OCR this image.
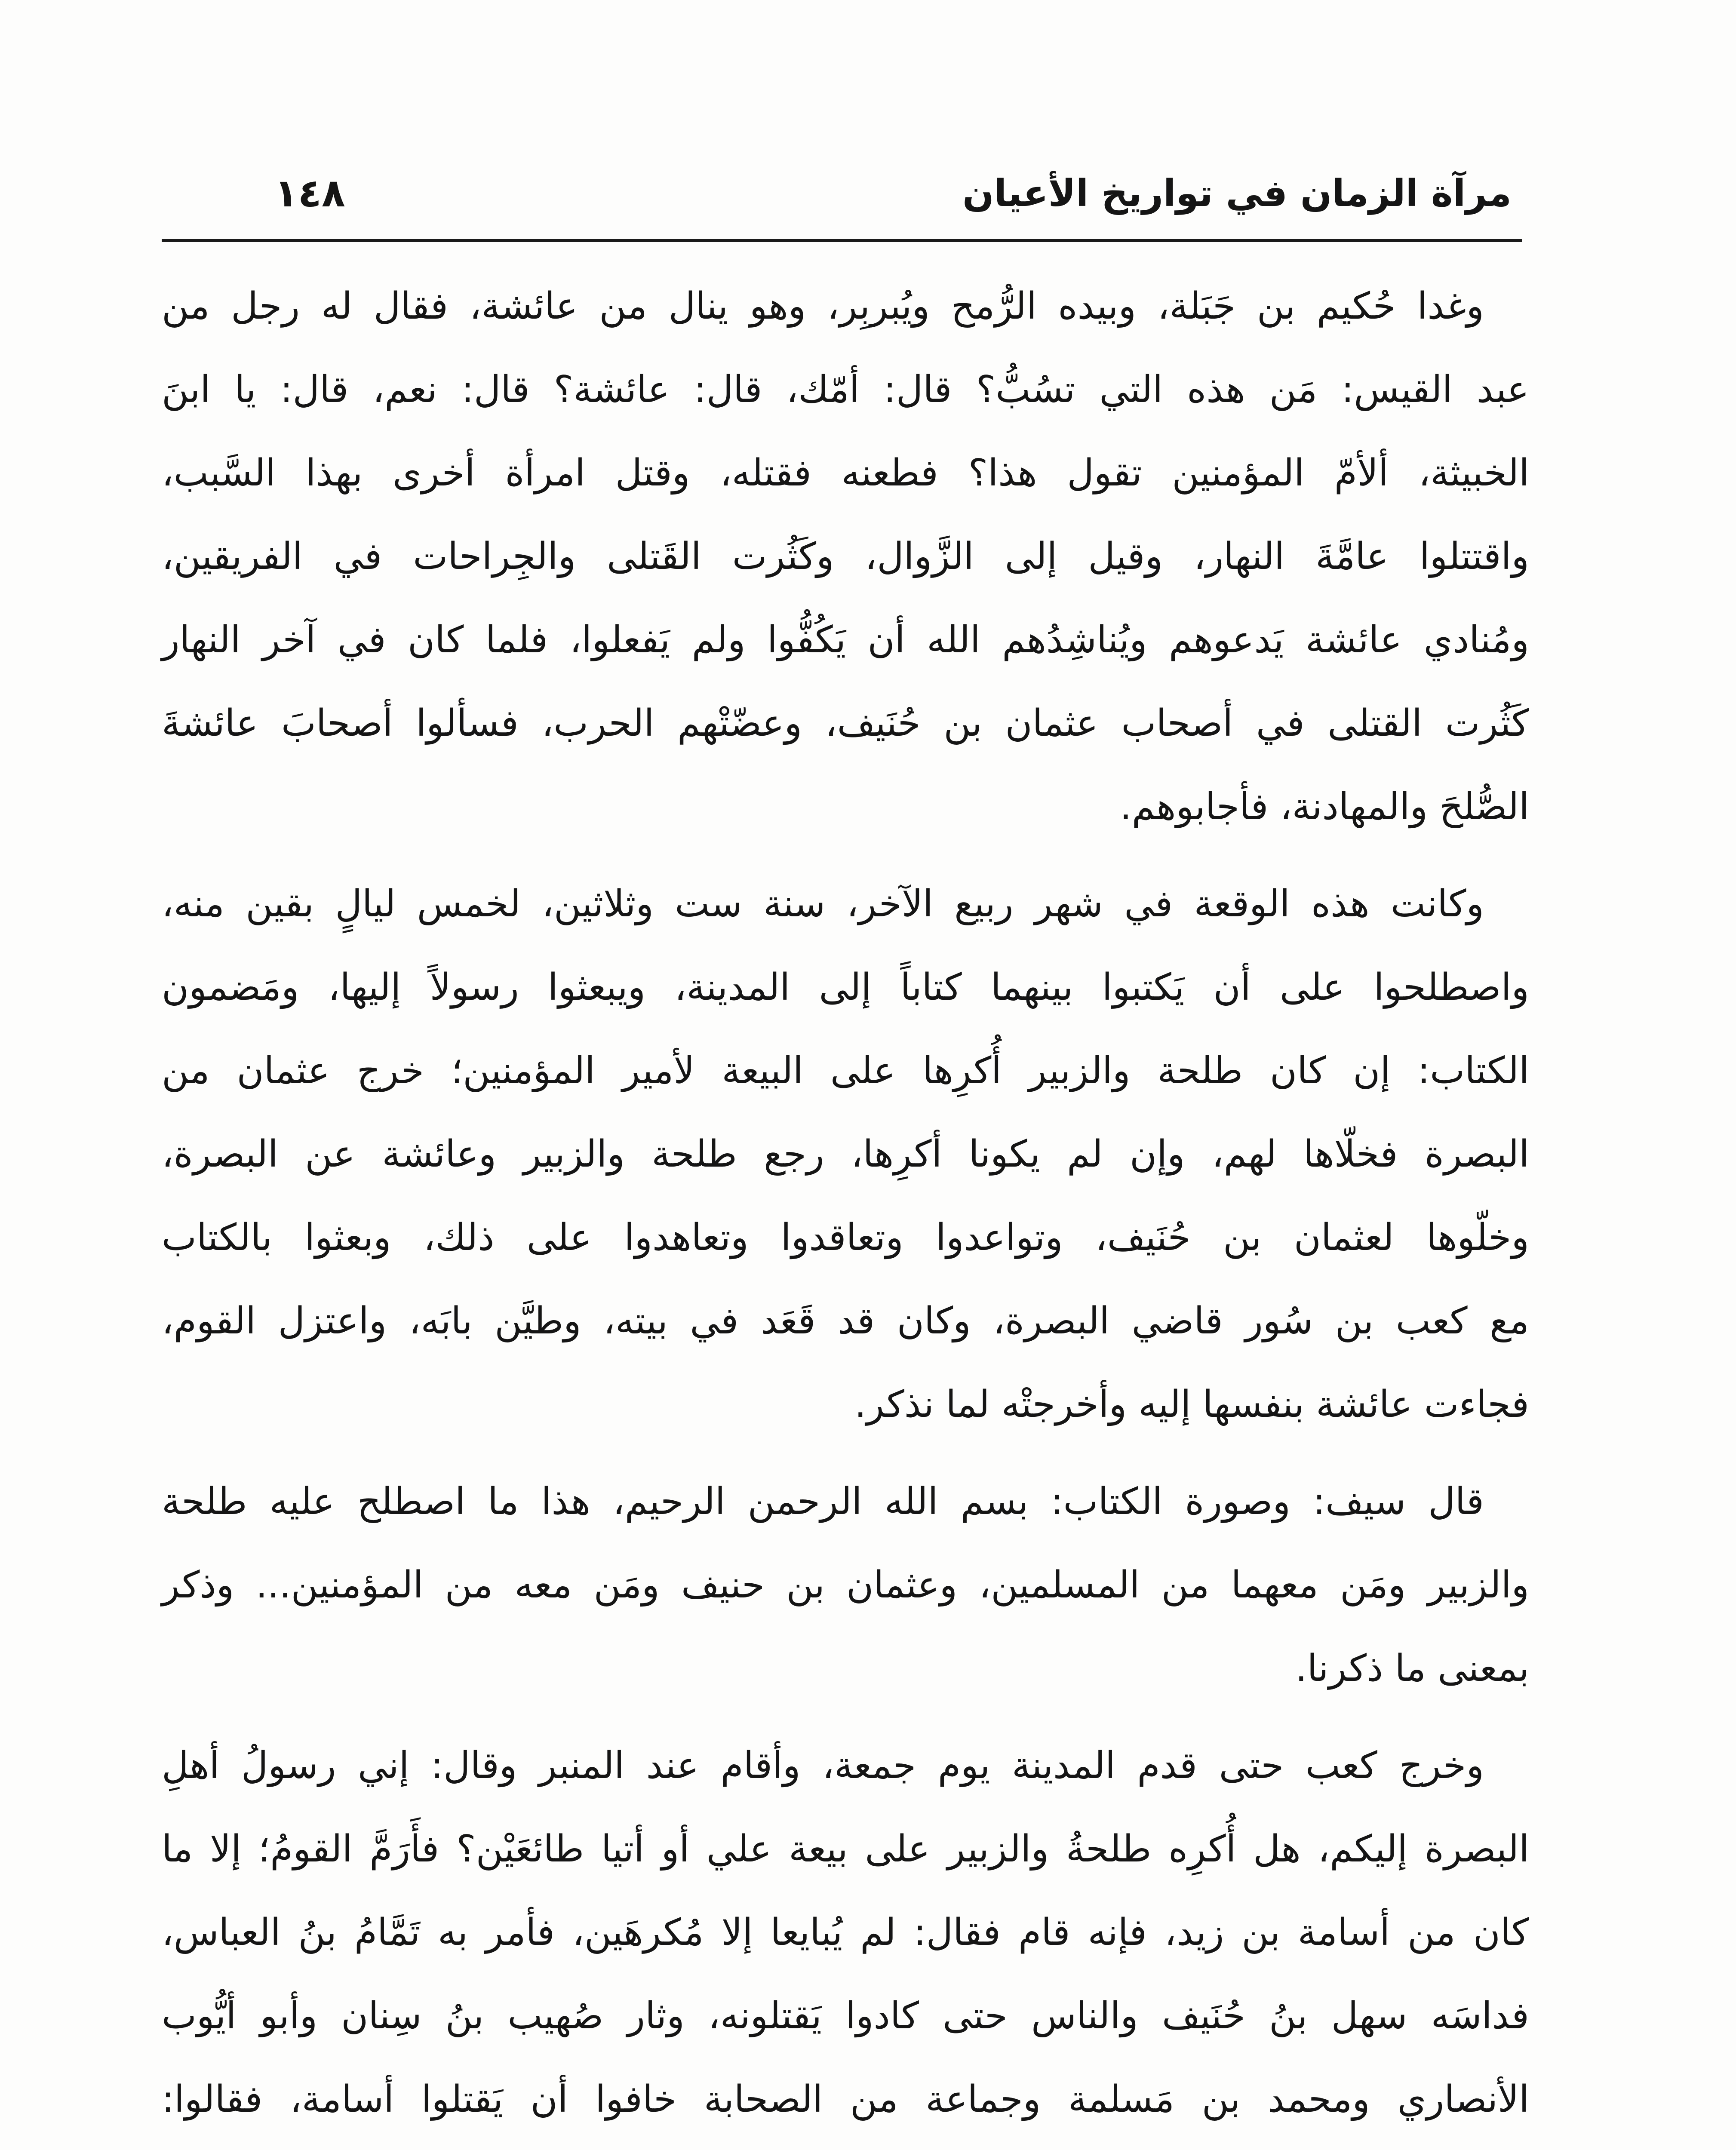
١٤٨	مرآة الزمان في تواريخ الأعيان
وغدا حُكيم بن جَبَلة، وبيده الرُّمح ويُبربِر، وهو ينال من عائشة، فقال له رجل من
عبد القيس: مَن هذه التي تسُبُّ؟ قال: أمّك، قال: عائشة؟ قال: نعم، قال: يا ابنَ
الخبيثة، ألأمّ المؤمنين تقول هذا؟ فطعنه فقتله، وقتل امرأة أخرى بهذا السَّبب،
واقتتلوا عامَّةَ النهار، وقيل إلى الزَّوال، وكَثُرت القَتلى والجِراحات في الفريقين،
ومُنادي عائشة يَدعوهم ويُناشِدُهم الله أن يَكُفُّوا ولم يَفعلوا، فلما كان في آخر النهار
كَثُرت القتلى في أصحاب عثمان بن حُنَيف، وعضّتْهم الحرب، فسألوا أصحابَ عائشةَ
الصُّلحَ والمهادنة، فأجابوهم.
وكانت هذه الوقعة في شهر ربيع الآخر، سنة ست وثلاثين، لخمس ليالٍ بقين منه،
واصطلحوا على أن يَكتبوا بينهما كتاباً إلى المدينة، ويبعثوا رسولاً إليها، ومَضمون
الكتاب: إن كان طلحة والزبير أُكرِها على البيعة لأمير المؤمنين؛ خرج عثمان من
البصرة فخلّاها لهم، وإن لم يكونا أكرِها، رجع طلحة والزبير وعائشة عن البصرة،
وخلّوها لعثمان بن حُنَيف، وتواعدوا وتعاقدوا وتعاهدوا على ذلك، وبعثوا بالكتاب
مع كعب بن سُور قاضي البصرة، وكان قد قَعَد في بيته، وطيَّن بابَه، واعتزل القوم،
فجاءت عائشة بنفسها إليه وأخرجتْه لما نذكر.
قال سيف: وصورة الكتاب: بسم الله الرحمن الرحيم، هذا ما اصطلح عليه طلحة
والزبير ومَن معهما من المسلمين، وعثمان بن حنيف ومَن معه من المؤمنين... وذكر
بمعنى ما ذكرنا.
وخرج كعب حتى قدم المدينة يوم جمعة، وأقام عند المنبر وقال: إني رسولُ أهلِ
البصرة إليكم، هل أُكرِه طلحةُ والزبير على بيعة علي أو أتيا طائعَيْن؟ فأَرَمَّ القومُ؛ إلا ما
كان من أسامة بن زيد، فإنه قام فقال: لم يُبايعا إلا مُكرهَين، فأمر به تَمَّامُ بنُ العباس،
فداسَه سهل بنُ حُنَيف والناس حتى كادوا يَقتلونه، وثار صُهيب بنُ سِنان وأبو أيُّوب
الأنصاري ومحمد بن مَسلمة وجماعة من الصحابة خافوا أن يَقتلوا أسامة، فقالوا:
